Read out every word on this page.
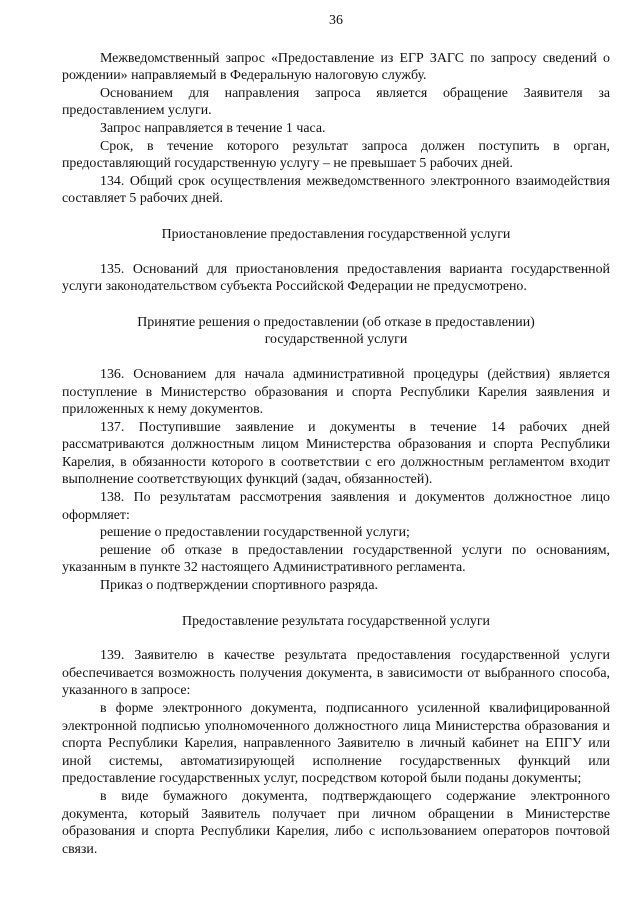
36

Межведомственный запрос «Предоставление из ЕГР ЗАГС по запросу сведений о рождении» направляемый в Федеральную налоговую службу.

Основанием для направления запроса является обращение Заявителя за предоставлением услуги.

Запрос направляется в течение 1 часа.

Срок, в течение которого результат запроса должен поступить в орган, предоставляющий государственную услугу – не превышает 5 рабочих дней.

134. Общий срок осуществления межведомственного электронного взаимодействия составляет 5 рабочих дней.

Приостановление предоставления государственной услуги

135. Оснований для приостановления предоставления варианта государственной услуги законодательством субъекта Российской Федерации не предусмотрено.

Принятие решения о предоставлении (об отказе в предоставлении) государственной услуги

136. Основанием для начала административной процедуры (действия) является поступление в Министерство образования и спорта Республики Карелия заявления и приложенных к нему документов.

137. Поступившие заявление и документы в течение 14 рабочих дней рассматриваются должностным лицом Министерства образования и спорта Республики Карелия, в обязанности которого в соответствии с его должностным регламентом входит выполнение соответствующих функций (задач, обязанностей).

138. По результатам рассмотрения заявления и документов должностное лицо оформляет:

решение о предоставлении государственной услуги;

решение об отказе в предоставлении государственной услуги по основаниям, указанным в пункте 32 настоящего Административного регламента.

Приказ о подтверждении спортивного разряда.

Предоставление результата государственной услуги

139. Заявителю в качестве результата предоставления государственной услуги обеспечивается возможность получения документа, в зависимости от выбранного способа, указанного в запросе:

в форме электронного документа, подписанного усиленной квалифицированной электронной подписью уполномоченного должностного лица Министерства образования и спорта Республики Карелия, направленного Заявителю в личный кабинет на ЕПГУ или иной системы, автоматизирующей исполнение государственных функций или предоставление государственных услуг, посредством которой были поданы документы;

в виде бумажного документа, подтверждающего содержание электронного документа, который Заявитель получает при личном обращении в Министерстве образования и спорта Республики Карелия, либо с использованием операторов почтовой связи.
